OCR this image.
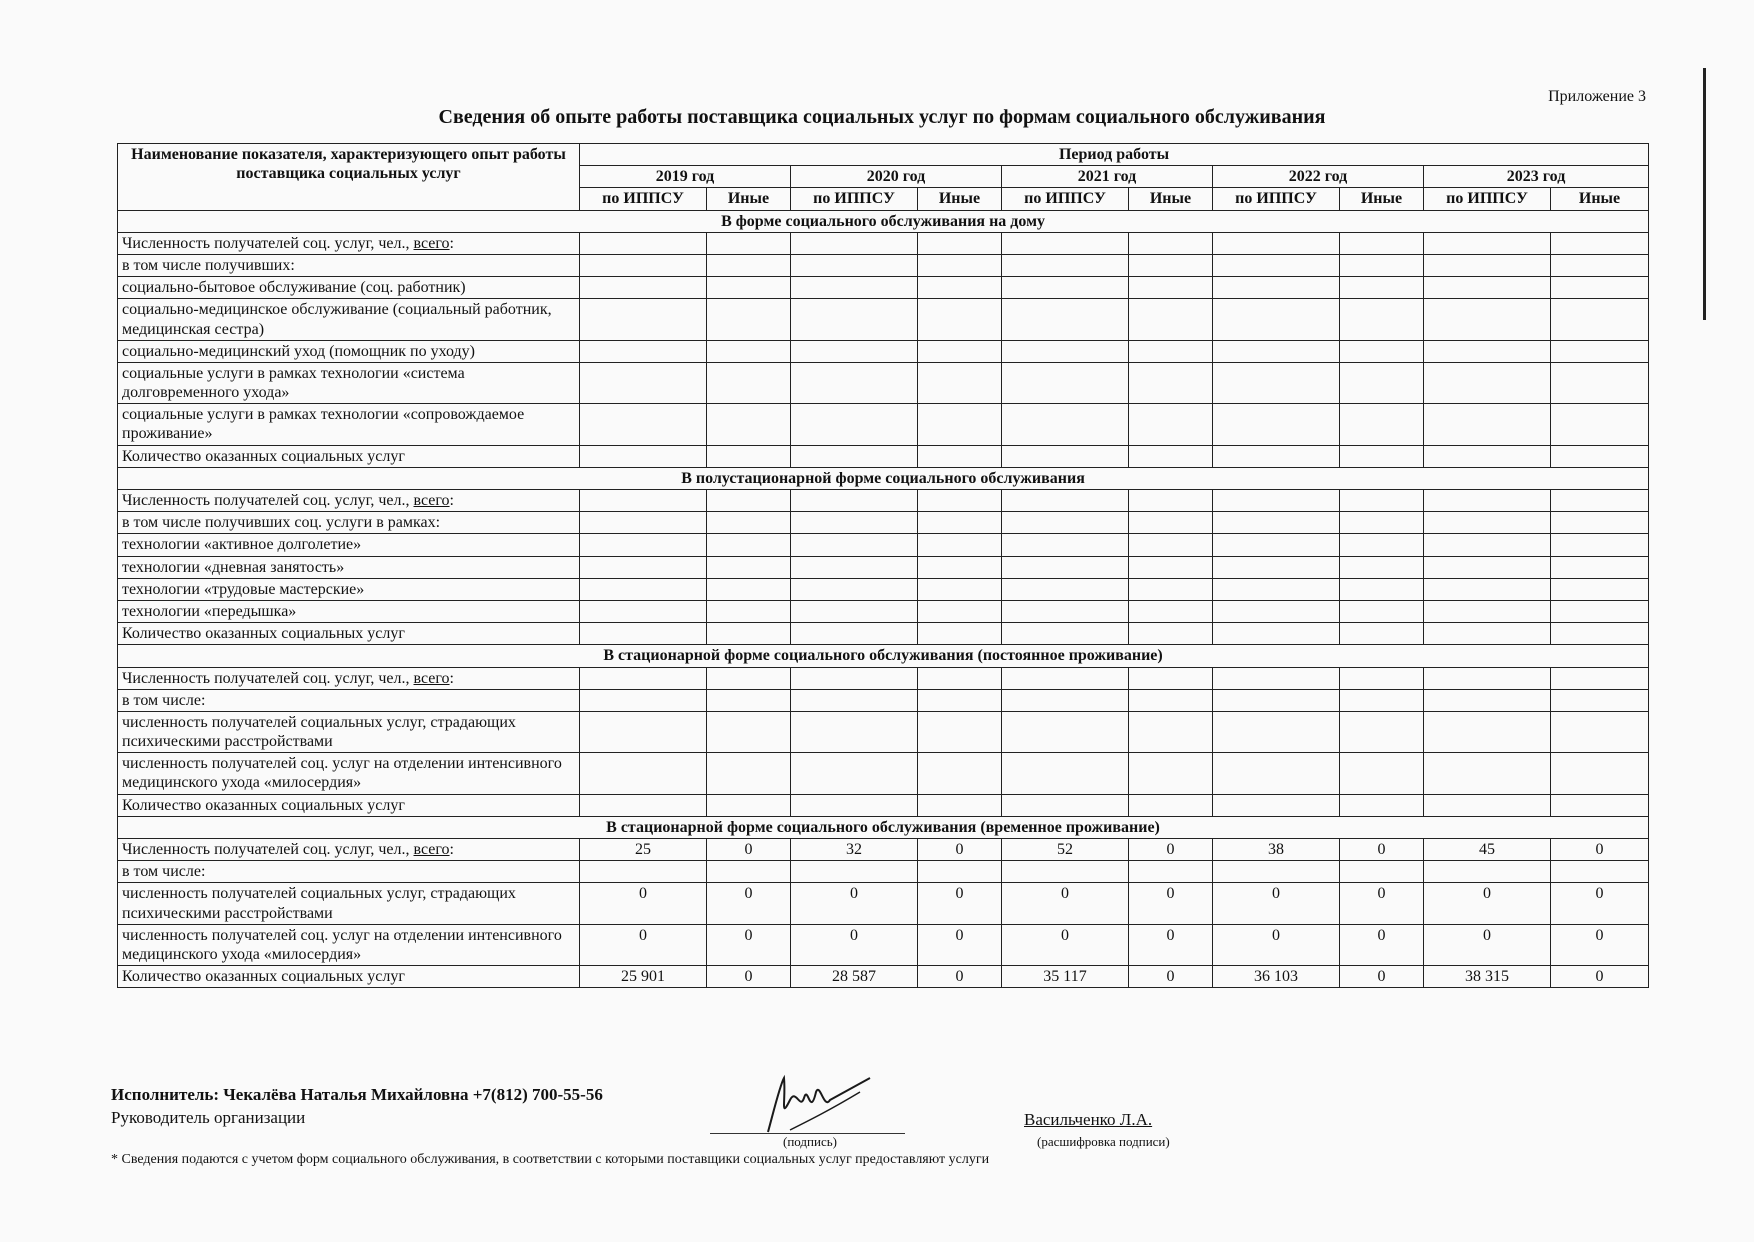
Приложение 3
Сведения об опыте работы поставщика социальных услуг по формам социального обслуживания
Наименование показателя, характеризующего опыт работы поставщика социальных услуг	Период работы									
	2019 год		2020 год		2021 год		2022 год		2023 год	
	по ИППСУ	Иные	по ИППСУ	Иные	по ИППСУ	Иные	по ИППСУ	Иные	по ИППСУ	Иные
В форме социального обслуживания на дому										
Численность получателей соц. услуг, чел., всего:										
в том числе получивших:										
социально-бытовое обслуживание (соц. работник)										
социально-медицинское обслуживание (социальный работник, медицинская сестра)										
социально-медицинский уход (помощник по уходу)										
социальные услуги в рамках технологии «система долговременного ухода»										
социальные услуги в рамках технологии «сопровождаемое проживание»										
Количество оказанных социальных услуг										
В полустационарной форме социального обслуживания										
Численность получателей соц. услуг, чел., всего:										
в том числе получивших соц. услуги в рамках:										
технологии «активное долголетие»										
технологии «дневная занятость»										
технологии «трудовые мастерские»										
технологии «передышка»										
Количество оказанных социальных услуг										
В стационарной форме социального обслуживания (постоянное проживание)										
Численность получателей соц. услуг, чел., всего:										
в том числе:										
численность получателей социальных услуг, страдающих психическими расстройствами										
численность получателей соц. услуг на отделении интенсивного медицинского ухода «милосердия»										
Количество оказанных социальных услуг										
В стационарной форме социального обслуживания (временное проживание)										
Численность получателей соц. услуг, чел., всего:	25	0	32	0	52	0	38	0	45	0
в том числе:										
численность получателей социальных услуг, страдающих психическими расстройствами	0	0	0	0	0	0	0	0	0	0
численность получателей соц. услуг на отделении интенсивного медицинского ухода «милосердия»	0	0	0	0	0	0	0	0	0	0
Количество оказанных социальных услуг	25 901	0	28 587	0	35 117	0	36 103	0	38 315	0
Исполнитель: Чекалёва Наталья Михайловна +7(812) 700-55-56
Руководитель организации
(подпись)
Васильченко Л.А.
(расшифровка подписи)
* Сведения подаются с учетом форм социального обслуживания, в соответствии с которыми поставщики социальных услуг предоставляют услуги
